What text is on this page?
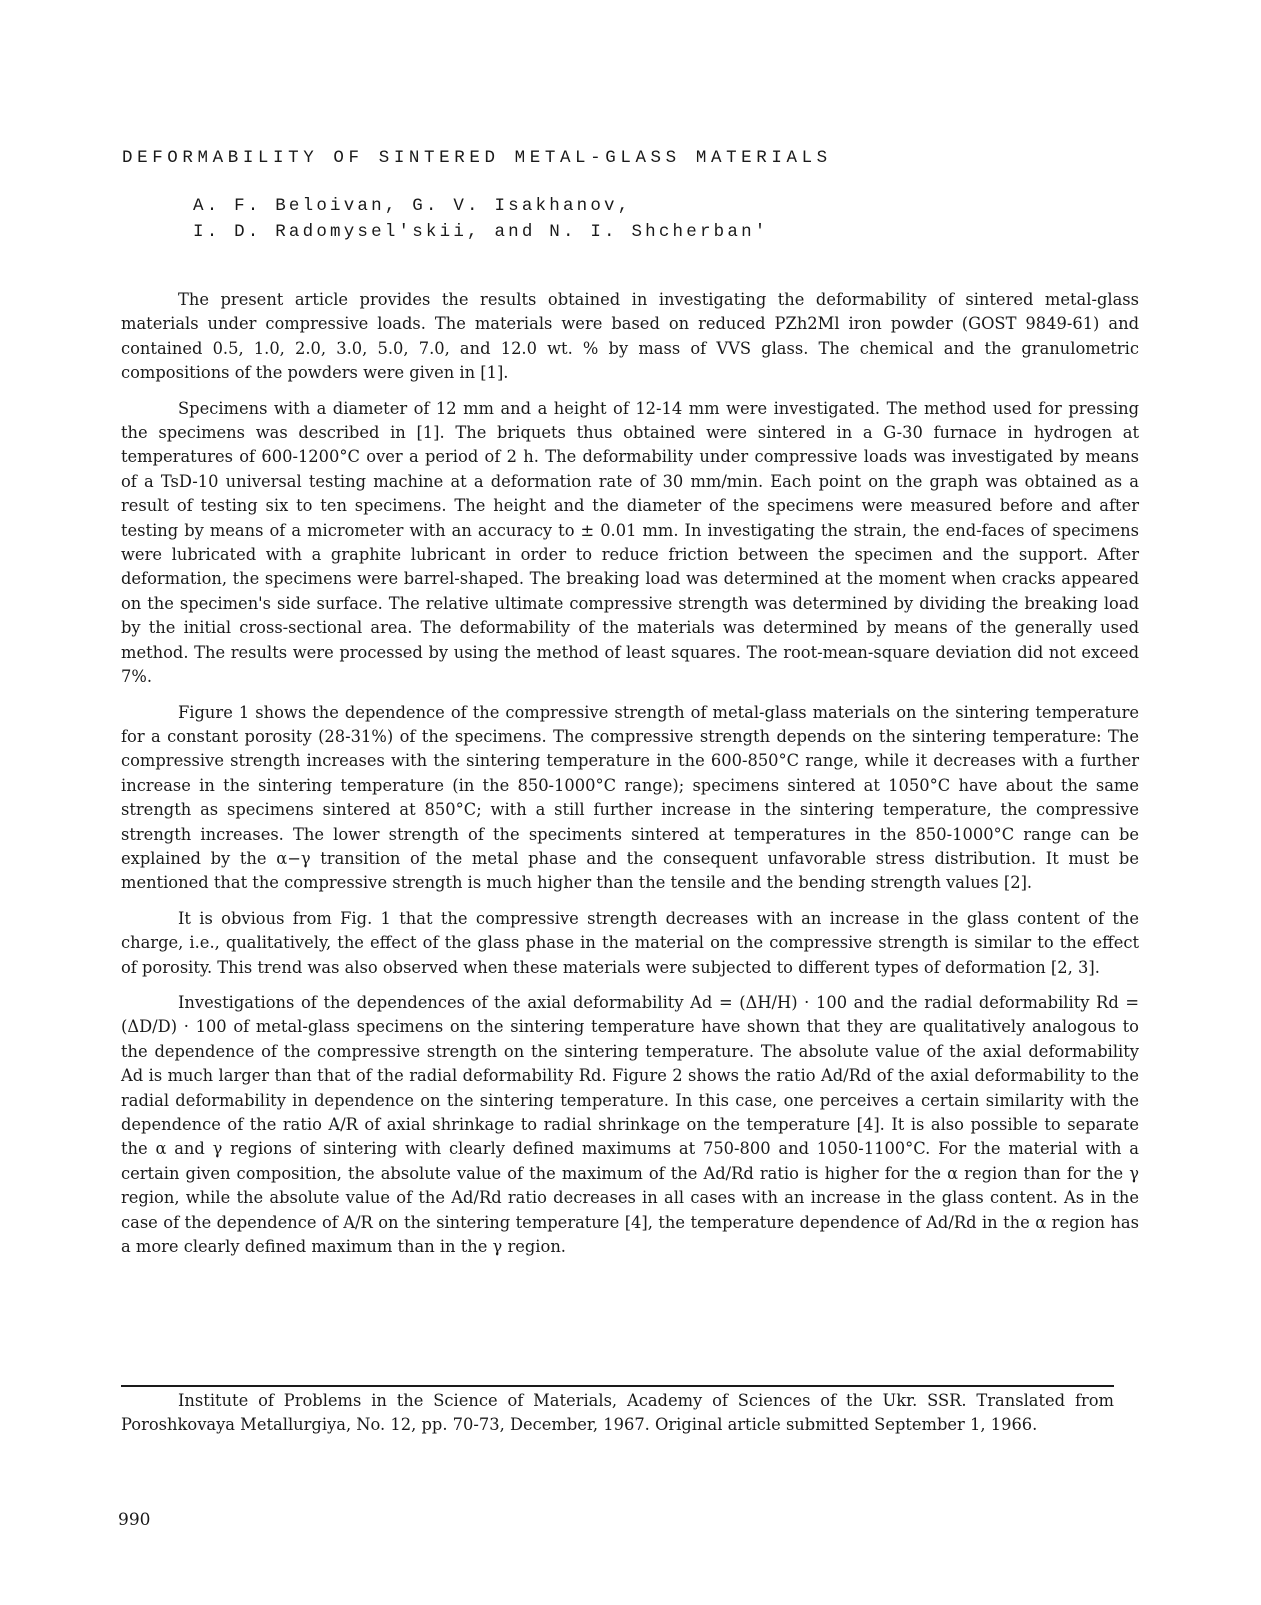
DEFORMABILITY OF SINTERED METAL-GLASS MATERIALS
A. F. Beloivan, G. V. Isakhanov,
I. D. Radomysel'skii, and N. I. Shcherban'

The present article provides the results obtained in investigating the deformability of sintered metal-glass materials under compressive loads. The materials were based on reduced PZh2Ml iron powder (GOST 9849-61) and contained 0.5, 1.0, 2.0, 3.0, 5.0, 7.0, and 12.0 wt. % by mass of VVS glass. The chemical and the granulometric compositions of the powders were given in [1].

Specimens with a diameter of 12 mm and a height of 12-14 mm were investigated. The method used for pressing the specimens was described in [1]. The briquets thus obtained were sintered in a G-30 furnace in hydrogen at temperatures of 600-1200°C over a period of 2 h. The deformability under compressive loads was investigated by means of a TsD-10 universal testing machine at a deformation rate of 30 mm/min. Each point on the graph was obtained as a result of testing six to ten specimens. The height and the diameter of the specimens were measured before and after testing by means of a micrometer with an accuracy to ± 0.01 mm. In investigating the strain, the end-faces of specimens were lubricated with a graphite lubricant in order to reduce friction between the specimen and the support. After deformation, the specimens were barrel-shaped. The breaking load was determined at the moment when cracks appeared on the specimen's side surface. The relative ultimate compressive strength was determined by dividing the breaking load by the initial cross-sectional area. The deformability of the materials was determined by means of the generally used method. The results were processed by using the method of least squares. The root-mean-square deviation did not exceed 7%.

Figure 1 shows the dependence of the compressive strength of metal-glass materials on the sintering temperature for a constant porosity (28-31%) of the specimens. The compressive strength depends on the sintering temperature: The compressive strength increases with the sintering temperature in the 600-850°C range, while it decreases with a further increase in the sintering temperature (in the 850-1000°C range); specimens sintered at 1050°C have about the same strength as specimens sintered at 850°C; with a still further increase in the sintering temperature, the compressive strength increases. The lower strength of the speciments sintered at temperatures in the 850-1000°C range can be explained by the α−γ transition of the metal phase and the consequent unfavorable stress distribution. It must be mentioned that the compressive strength is much higher than the tensile and the bending strength values [2].

It is obvious from Fig. 1 that the compressive strength decreases with an increase in the glass content of the charge, i.e., qualitatively, the effect of the glass phase in the material on the compressive strength is similar to the effect of porosity. This trend was also observed when these materials were subjected to different types of deformation [2, 3].

Investigations of the dependences of the axial deformability Ad = (ΔH/H) · 100 and the radial deformability Rd = (ΔD/D) · 100 of metal-glass specimens on the sintering temperature have shown that they are qualitatively analogous to the dependence of the compressive strength on the sintering temperature. The absolute value of the axial deformability Ad is much larger than that of the radial deformability Rd. Figure 2 shows the ratio Ad/Rd of the axial deformability to the radial deformability in dependence on the sintering temperature. In this case, one perceives a certain similarity with the dependence of the ratio A/R of axial shrinkage to radial shrinkage on the temperature [4]. It is also possible to separate the α and γ regions of sintering with clearly defined maximums at 750-800 and 1050-1100°C. For the material with a certain given composition, the absolute value of the maximum of the Ad/Rd ratio is higher for the α region than for the γ region, while the absolute value of the Ad/Rd ratio decreases in all cases with an increase in the glass content. As in the case of the dependence of A/R on the sintering temperature [4], the temperature dependence of Ad/Rd in the α region has a more clearly defined maximum than in the γ region.

Institute of Problems in the Science of Materials, Academy of Sciences of the Ukr. SSR. Translated from Poroshkovaya Metallurgiya, No. 12, pp. 70-73, December, 1967. Original article submitted September 1, 1966.

990
